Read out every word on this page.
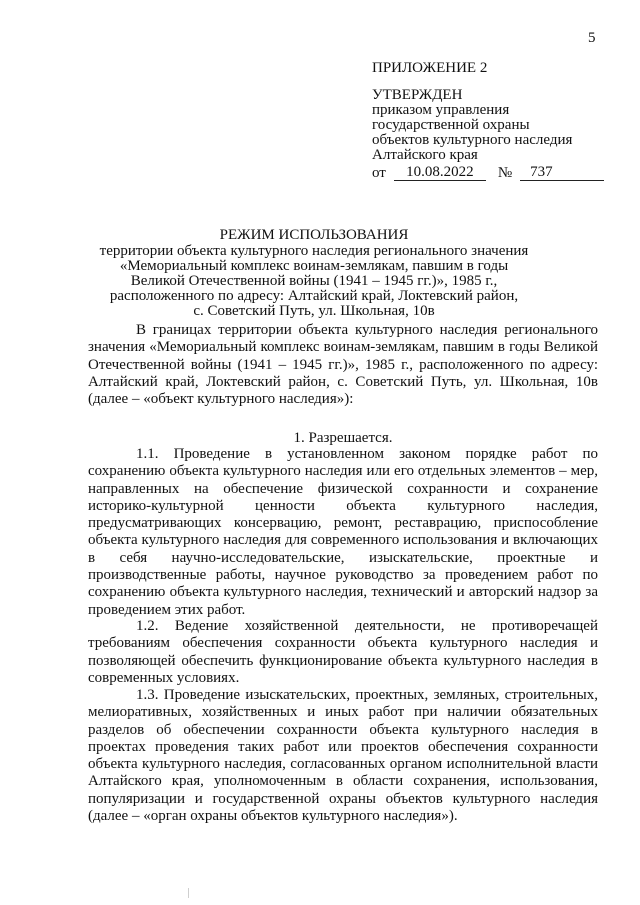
5
ПРИЛОЖЕНИЕ 2
УТВЕРЖДЕН
приказом управления
государственной охраны
объектов культурного наследия
Алтайского края
от	10.08.2022	№	737
РЕЖИМ ИСПОЛЬЗОВАНИЯ
территории объекта культурного наследия регионального значения
«Мемориальный комплекс воинам-землякам, павшим в годы
Великой Отечественной войны (1941 – 1945 гг.)», 1985 г.,
расположенного по адресу: Алтайский край, Локтевский район,
с. Советский Путь, ул. Школьная, 10в

В границах территории объекта культурного наследия регионального значения «Мемориальный комплекс воинам-землякам, павшим в годы Великой Отечественной войны (1941 – 1945 гг.)», 1985 г., расположенного по адресу: Алтайский край, Локтевский район, с. Советский Путь, ул. Школьная, 10в (далее – «объект культурного наследия»):

1. Разрешается.

1.1. Проведение в установленном законом порядке работ по сохранению объекта культурного наследия или его отдельных элементов – мер, направленных на обеспечение физической сохранности и сохранение историко-культурной ценности объекта культурного наследия, предусматривающих консервацию, ремонт, реставрацию, приспособление объекта культурного наследия для современного использования и включающих в себя научно-исследовательские, изыскательские, проектные и производственные работы, научное руководство за проведением работ по сохранению объекта культурного наследия, технический и авторский надзор за проведением этих работ.

1.2. Ведение хозяйственной деятельности, не противоречащей требованиям обеспечения сохранности объекта культурного наследия и позволяющей обеспечить функционирование объекта культурного наследия в современных условиях.

1.3. Проведение изыскательских, проектных, земляных, строительных, мелиоративных, хозяйственных и иных работ при наличии обязательных разделов об обеспечении сохранности объекта культурного наследия в проектах проведения таких работ или проектов обеспечения сохранности объекта культурного наследия, согласованных органом исполнительной власти Алтайского края, уполномоченным в области сохранения, использования, популяризации и государственной охраны объектов культурного наследия (далее – «орган охраны объектов культурного наследия»).
